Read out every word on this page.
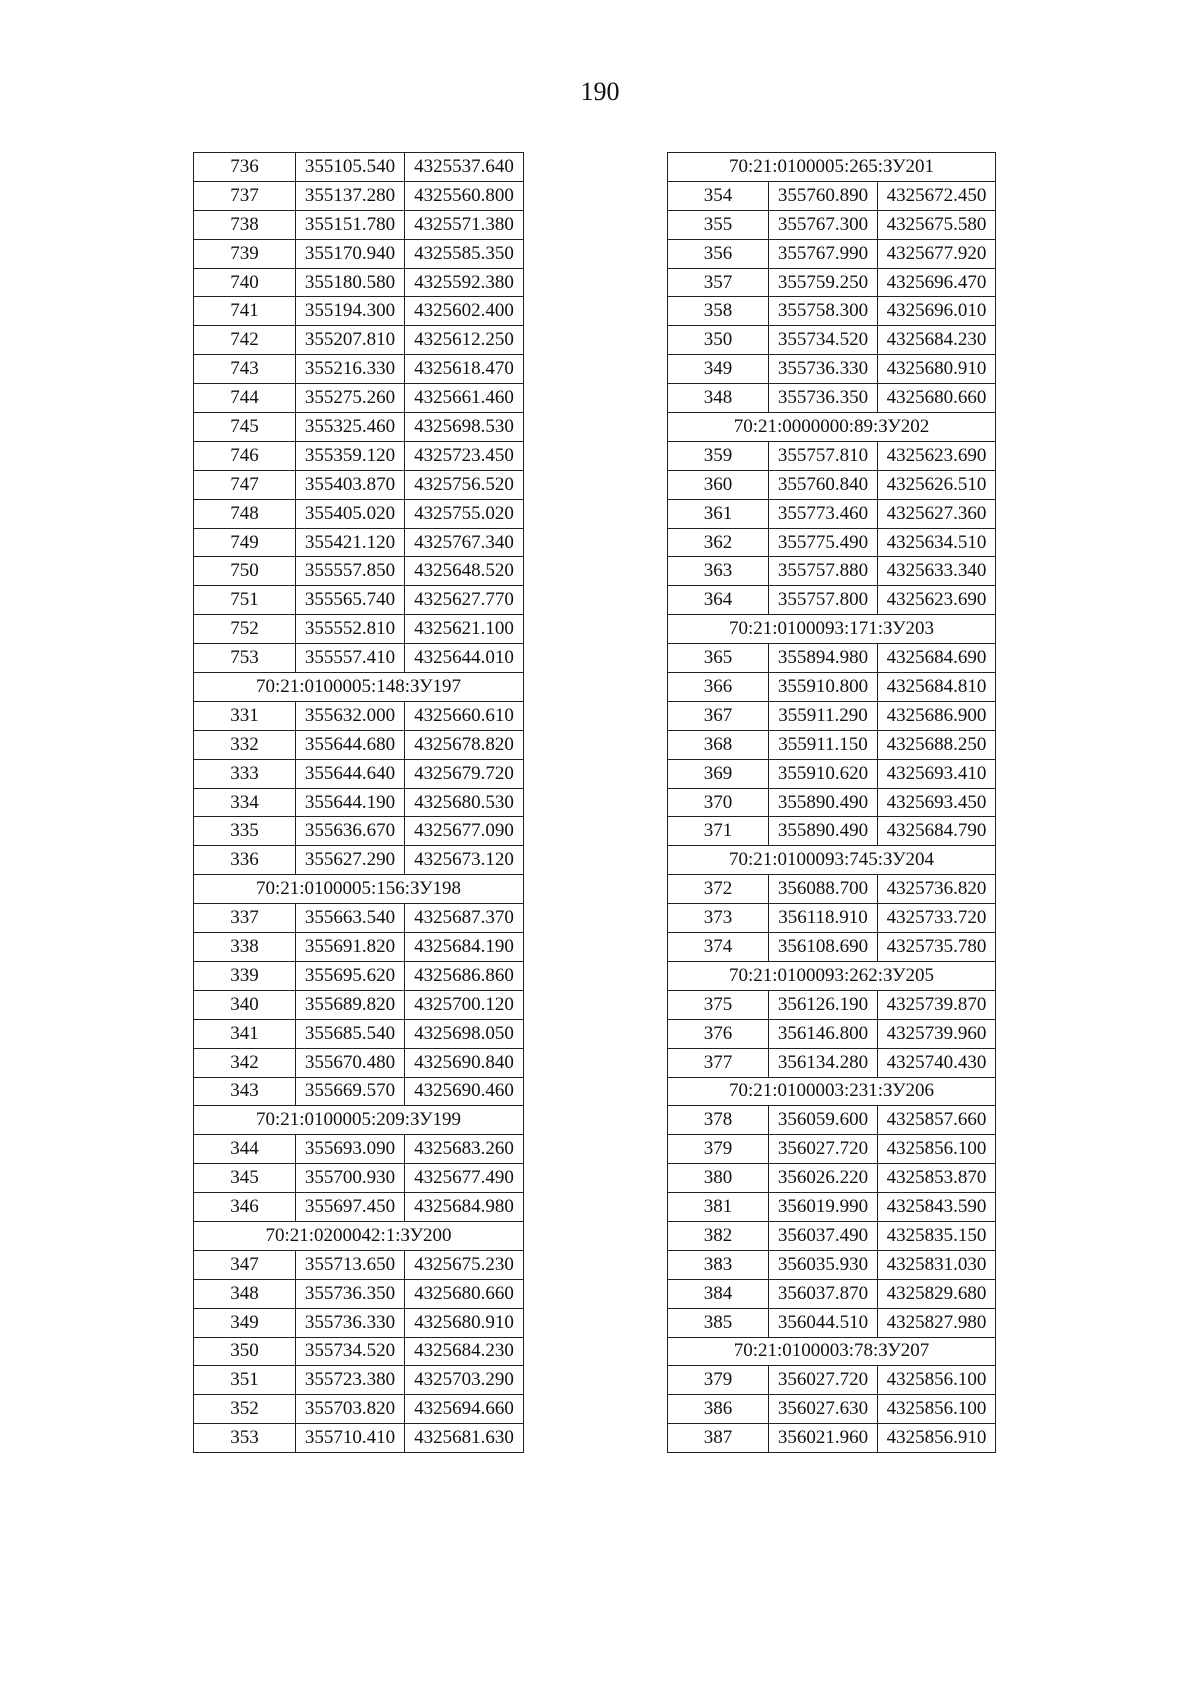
190
736	355105.540	4325537.640
737	355137.280	4325560.800
738	355151.780	4325571.380
739	355170.940	4325585.350
740	355180.580	4325592.380
741	355194.300	4325602.400
742	355207.810	4325612.250
743	355216.330	4325618.470
744	355275.260	4325661.460
745	355325.460	4325698.530
746	355359.120	4325723.450
747	355403.870	4325756.520
748	355405.020	4325755.020
749	355421.120	4325767.340
750	355557.850	4325648.520
751	355565.740	4325627.770
752	355552.810	4325621.100
753	355557.410	4325644.010
70:21:0100005:148:ЗУ197		
331	355632.000	4325660.610
332	355644.680	4325678.820
333	355644.640	4325679.720
334	355644.190	4325680.530
335	355636.670	4325677.090
336	355627.290	4325673.120
70:21:0100005:156:ЗУ198		
337	355663.540	4325687.370
338	355691.820	4325684.190
339	355695.620	4325686.860
340	355689.820	4325700.120
341	355685.540	4325698.050
342	355670.480	4325690.840
343	355669.570	4325690.460
70:21:0100005:209:ЗУ199		
344	355693.090	4325683.260
345	355700.930	4325677.490
346	355697.450	4325684.980
70:21:0200042:1:ЗУ200		
347	355713.650	4325675.230
348	355736.350	4325680.660
349	355736.330	4325680.910
350	355734.520	4325684.230
351	355723.380	4325703.290
352	355703.820	4325694.660
353	355710.410	4325681.630
70:21:0100005:265:ЗУ201		
354	355760.890	4325672.450
355	355767.300	4325675.580
356	355767.990	4325677.920
357	355759.250	4325696.470
358	355758.300	4325696.010
350	355734.520	4325684.230
349	355736.330	4325680.910
348	355736.350	4325680.660
70:21:0000000:89:ЗУ202		
359	355757.810	4325623.690
360	355760.840	4325626.510
361	355773.460	4325627.360
362	355775.490	4325634.510
363	355757.880	4325633.340
364	355757.800	4325623.690
70:21:0100093:171:ЗУ203		
365	355894.980	4325684.690
366	355910.800	4325684.810
367	355911.290	4325686.900
368	355911.150	4325688.250
369	355910.620	4325693.410
370	355890.490	4325693.450
371	355890.490	4325684.790
70:21:0100093:745:ЗУ204		
372	356088.700	4325736.820
373	356118.910	4325733.720
374	356108.690	4325735.780
70:21:0100093:262:ЗУ205		
375	356126.190	4325739.870
376	356146.800	4325739.960
377	356134.280	4325740.430
70:21:0100003:231:ЗУ206		
378	356059.600	4325857.660
379	356027.720	4325856.100
380	356026.220	4325853.870
381	356019.990	4325843.590
382	356037.490	4325835.150
383	356035.930	4325831.030
384	356037.870	4325829.680
385	356044.510	4325827.980
70:21:0100003:78:ЗУ207		
379	356027.720	4325856.100
386	356027.630	4325856.100
387	356021.960	4325856.910
